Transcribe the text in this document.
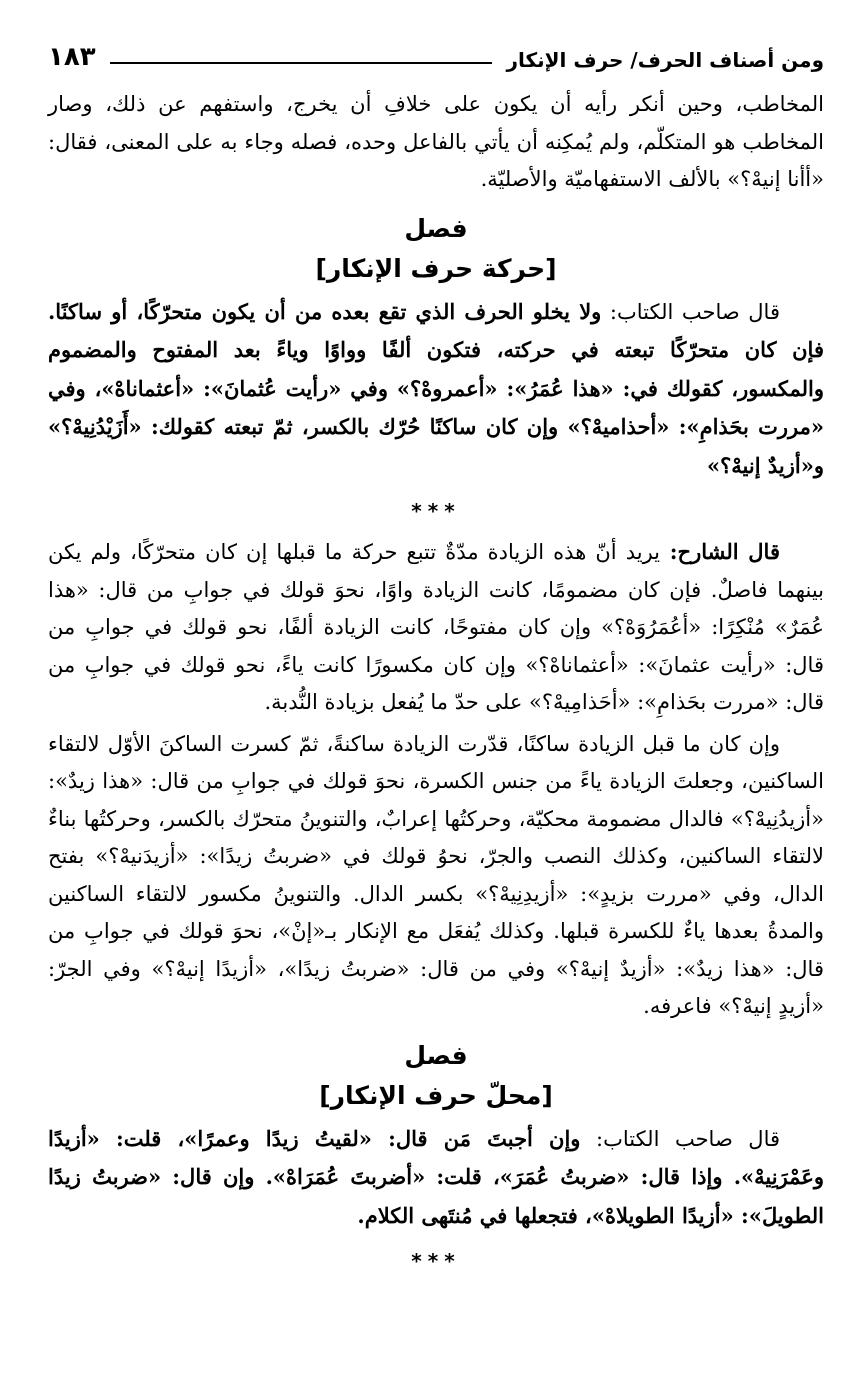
ومن أصناف الحرف/ حرف الإنكار
١٨٣

المخاطب، وحين أنكر رأيه أن يكون على خلافِ أن يخرج، واستفهم عن ذلك، وصار المخاطب هو المتكلّم، ولم يُمكِنه أن يأتي بالفاعل وحده، فصله وجاء به على المعنى، فقال: «أأنا إنيهْ؟» بالألف الاستفهاميّة والأصليّة.

فصل
[حركة حرف الإنكار]

قال صاحب الكتاب: ولا يخلو الحرف الذي تقع بعده من أن يكون متحرّكًا، أو ساكنًا. فإن كان متحرّكًا تبعته في حركته، فتكون ألفًا وواوًا وياءً بعد المفتوح والمضموم والمكسور، كقولك في: «هذا عُمَرُ»: «أعمروهْ؟» وفي «رأيت عُثمانَ»: «أعثماناهْ»، وفي «مررت بحَذامِ»: «أحذاميهْ؟» وإن كان ساكنًا حُرّك بالكسر، ثمّ تبعته كقولك: «أَزَيْدُنِيهْ؟» و«أزيدٌ إنيهْ؟»

***

قال الشارح: يريد أنّ هذه الزيادة مدّةٌ تتبع حركة ما قبلها إن كان متحرّكًا، ولم يكن بينهما فاصلٌ. فإن كان مضمومًا، كانت الزيادة واوًا، نحوَ قولك في جوابِ من قال: «هذا عُمَرٌ» مُنْكِرًا: «أعُمَرُوَهْ؟» وإن كان مفتوحًا، كانت الزيادة ألفًا، نحو قولك في جوابِ من قال: «رأيت عثمانَ»: «أعثماناهْ؟» وإن كان مكسورًا كانت ياءً، نحو قولك في جوابِ من قال: «مررت بحَذامِ»: «أحَذامِيهْ؟» على حدّ ما يُفعل بزيادة النُّدبة.

وإن كان ما قبل الزيادة ساكنًا، قدّرت الزيادة ساكنةً، ثمّ كسرت الساكنَ الأوّل لالتقاء الساكنين، وجعلتَ الزيادة ياءً من جنس الكسرة، نحوَ قولك في جوابِ من قال: «هذا زيدٌ»: «أزيدُنِيهْ؟» فالدال مضمومة محكيّة، وحركتُها إعرابٌ، والتنوينُ متحرّك بالكسر، وحركتُها بناءٌ لالتقاء الساكنين، وكذلك النصب والجرّ، نحوُ قولك في «ضربتُ زيدًا»: «أزيدَنيهْ؟» بفتح الدال، وفي «مررت بزيدٍ»: «أزيدِنِيهْ؟» بكسر الدال. والتنوينُ مكسور لالتقاء الساكنين والمدةُ بعدها ياءٌ للكسرة قبلها. وكذلك يُفعَل مع الإنكار بـ«إنْ»، نحوَ قولك في جوابِ من قال: «هذا زيدٌ»: «أزيدٌ إنيهْ؟» وفي من قال: «ضربتُ زيدًا»، «أزيدًا إنيهْ؟» وفي الجرّ: «أزيدٍ إنيهْ؟» فاعرفه.

فصل
[محلّ حرف الإنكار]

قال صاحب الكتاب: وإن أجبتَ مَن قال: «لقيتُ زيدًا وعمرًا»، قلت: «أزيدًا وعَمْرَنِيهْ». وإذا قال: «ضربتُ عُمَرَ»، قلت: «أضربتَ عُمَرَاهْ». وإن قال: «ضربتُ زيدًا الطويلَ»: «أزيدًا الطويلاهْ»، فتجعلها في مُنتَهى الكلام.

***
